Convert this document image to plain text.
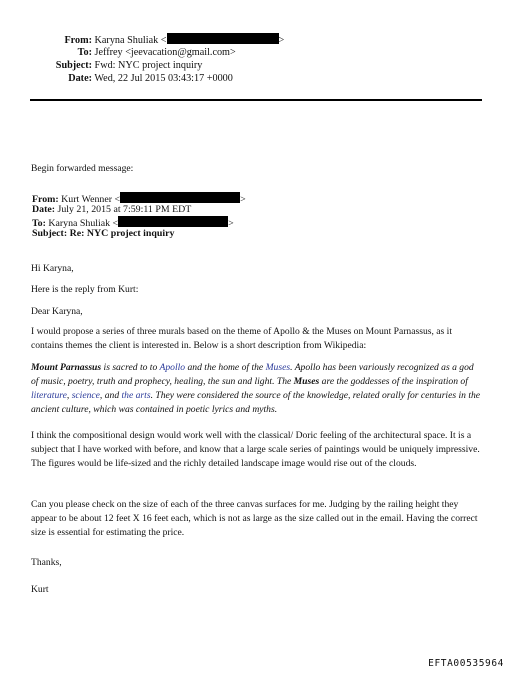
From: Karyna Shuliak <	>
To: Jeffrey <jeevacation@gmail.com>
Subject: Fwd: NYC project inquiry
Date: Wed, 22 Jul 2015 03:43:17 +0000
Begin forwarded message:
From: Kurt Wenner <	>
Date: July 21, 2015 at 7:59:11 PM EDT
To: Karyna Shuliak <	>
Subject: Re: NYC project inquiry
Hi Karyna,
Here is the reply from Kurt:
Dear Karyna,
I would propose a series of three murals based on the theme of Apollo & the Muses on Mount Parnassus, as it contains themes the client is interested in. Below is a short description from Wikipedia:
Mount Parnassus is sacred to to Apollo and the home of the Muses. Apollo has been variously recognized as a god of music, poetry, truth and prophecy, healing, the sun and light. The Muses are the goddesses of the inspiration of literature, science, and the arts. They were considered the source of the knowledge, related orally for centuries in the ancient culture, which was contained in poetic lyrics and myths.
I think the compositional design would work well with the classical/ Doric feeling of the architectural space. It is a subject that I have worked with before, and know that a large scale series of paintings would be uniquely impressive. The figures would be life-sized and the richly detailed landscape image would rise out of the clouds.
Can you please check on the size of each of the three canvas surfaces for me. Judging by the railing height they appear to be about 12 feet X 16 feet each, which is not as large as the size called out in the email. Having the correct size is essential for estimating the price.
Thanks,
Kurt
EFTA00535964
